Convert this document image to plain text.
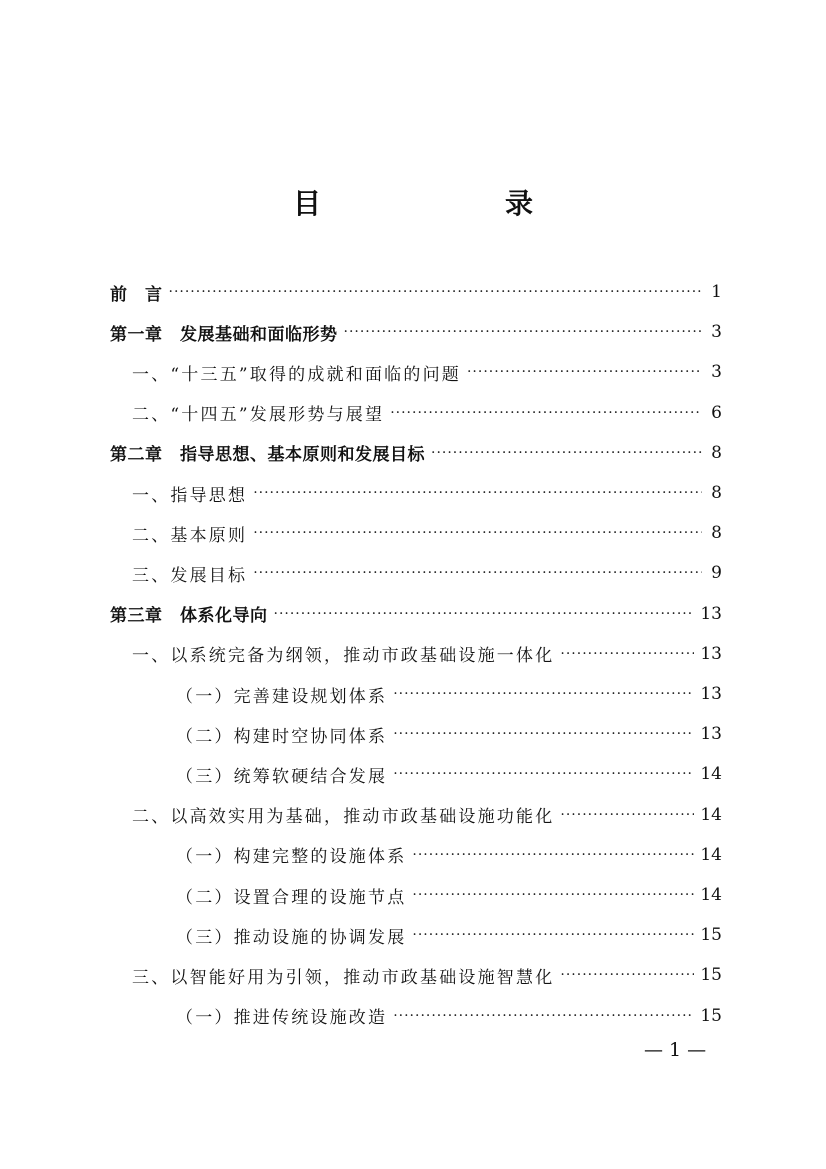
目　录
前　言 ·····	1
第一章　发展基础和面临形势 ·····	3
一、“十三五”取得的成就和面临的问题 ·····	3
二、“十四五”发展形势与展望 ·····	6
第二章　指导思想、基本原则和发展目标 ·····	8
一、指导思想 ·····	8
二、基本原则 ·····	8
三、发展目标 ·····	9
第三章　体系化导向 ·····	13
一、以系统完备为纲领，推动市政基础设施一体化 ·····	13
（一）完善建设规划体系 ·····	13
（二）构建时空协同体系 ·····	13
（三）统筹软硬结合发展 ·····	14
二、以高效实用为基础，推动市政基础设施功能化 ·····	14
（一）构建完整的设施体系 ·····	14
（二）设置合理的设施节点 ·····	14
（三）推动设施的协调发展 ·····	15
三、以智能好用为引领，推动市政基础设施智慧化 ·····	15
（一）推进传统设施改造 ·····	15
— 1 —
